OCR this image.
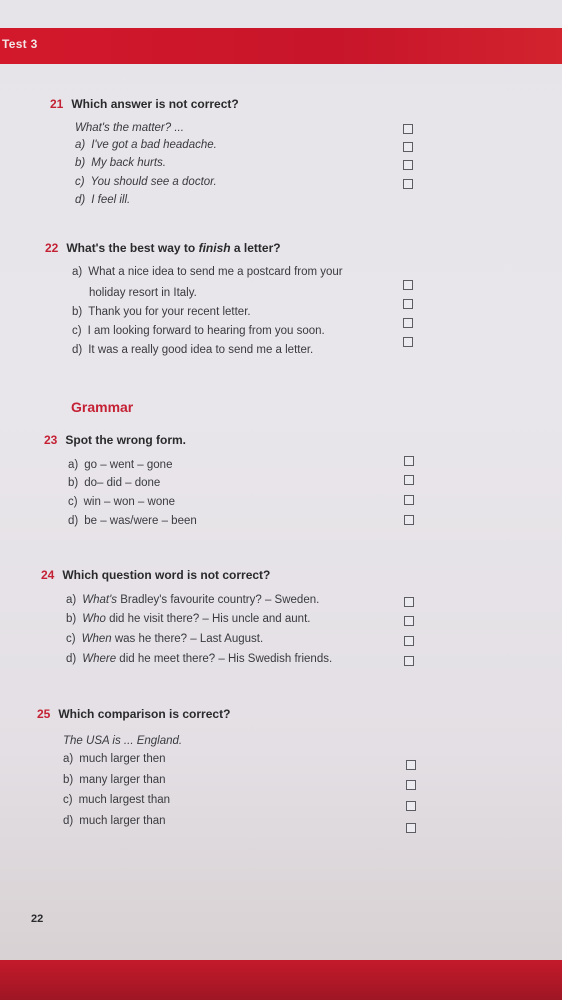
Test 3
21 Which answer is not correct?
What's the matter? ...
a) I've got a bad headache.
b) My back hurts.
c) You should see a doctor.
d) I feel ill.
22 What's the best way to finish a letter?
a) What a nice idea to send me a postcard from your
holiday resort in Italy.
b) Thank you for your recent letter.
c) I am looking forward to hearing from you soon.
d) It was a really good idea to send me a letter.
Grammar
23 Spot the wrong form.
a) go – went – gone
b) do– did – done
c) win – won – wone
d) be – was/were – been
24 Which question word is not correct?
a) What's Bradley's favourite country? – Sweden.
b) Who did he visit there? – His uncle and aunt.
c) When was he there? – Last August.
d) Where did he meet there? – His Swedish friends.
25 Which comparison is correct?
The USA is ... England.
a) much larger then
b) many larger than
c) much largest than
d) much larger than
22
